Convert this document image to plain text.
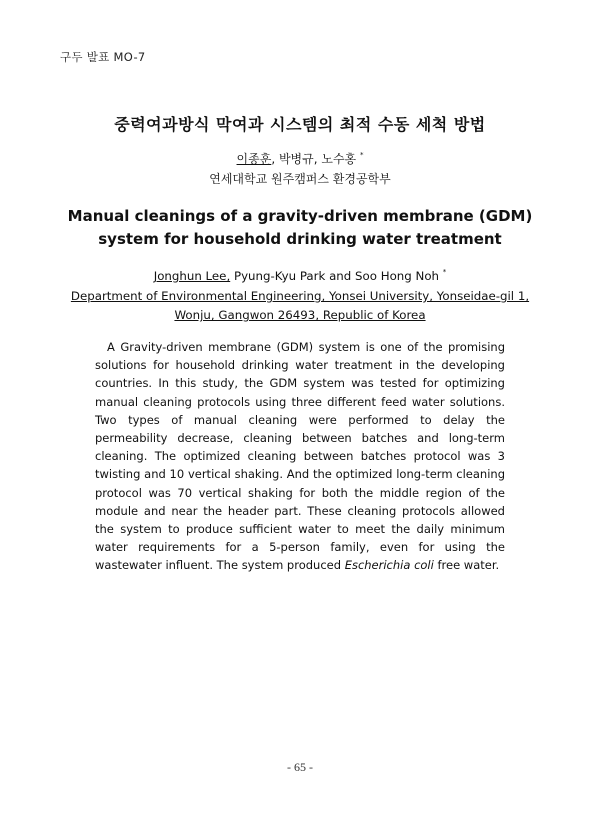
구두 발표 MO-7
중력여과방식 막여과 시스템의 최적 수동 세척 방법
이종훈, 박병규, 노수홍 *
연세대학교 원주캠퍼스 환경공학부
Manual cleanings of a gravity-driven membrane (GDM)
system for household drinking water treatment
Jonghun Lee, Pyung-Kyu Park and Soo Hong Noh *
Department of Environmental Engineering, Yonsei University, Yonseidae-gil 1,
Wonju, Gangwon 26493, Republic of Korea
A Gravity-driven membrane (GDM) system is one of the promising solutions for household drinking water treatment in the developing countries. In this study, the GDM system was tested for optimizing manual cleaning protocols using three different feed water solutions. Two types of manual cleaning were performed to delay the permeability decrease, cleaning between batches and long-term cleaning. The optimized cleaning between batches protocol was 3 twisting and 10 vertical shaking. And the optimized long-term cleaning protocol was 70 vertical shaking for both the middle region of the module and near the header part. These cleaning protocols allowed the system to produce sufficient water to meet the daily minimum water requirements for a 5-person family, even for using the wastewater influent. The system produced Escherichia coli free water.
- 65 -
